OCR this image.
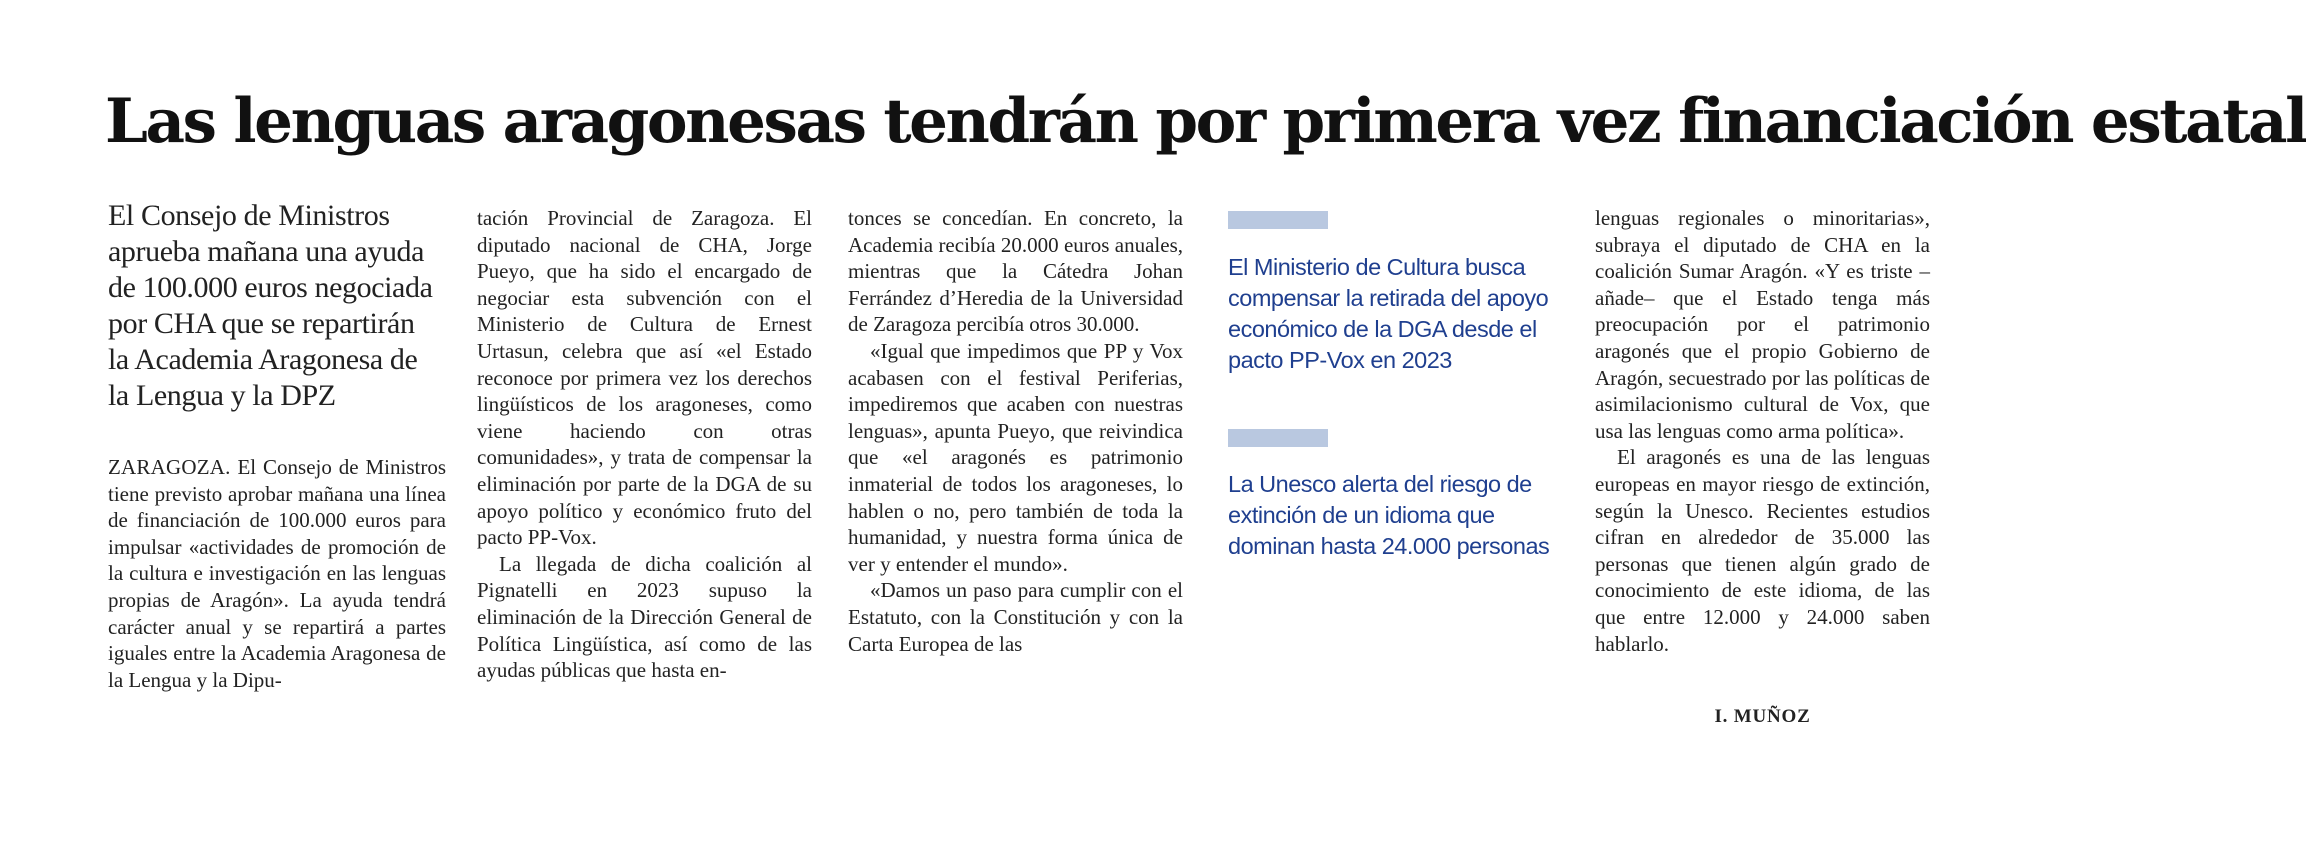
Las lenguas aragonesas tendrán por primera vez financiación estatal

El Consejo de Ministros aprueba mañana una ayuda de 100.000 euros negociada por CHA que se repartirán la Academia Aragonesa de la Lengua y la DPZ

ZARAGOZA. El Consejo de Ministros tiene previsto aprobar mañana una línea de financiación de 100.000 euros para impulsar «actividades de promoción de la cultura e investigación en las lenguas propias de Aragón». La ayuda tendrá carácter anual y se repartirá a partes iguales entre la Academia Aragonesa de la Lengua y la Dipu-

tación Provincial de Zaragoza. El diputado nacional de CHA, Jorge Pueyo, que ha sido el encargado de negociar esta subvención con el Ministerio de Cultura de Ernest Urtasun, celebra que así «el Estado reconoce por primera vez los derechos lingüísticos de los aragoneses, como viene haciendo con otras comunidades», y trata de compensar la eliminación por parte de la DGA de su apoyo político y económico fruto del pacto PP-Vox.

La llegada de dicha coalición al Pignatelli en 2023 supuso la eliminación de la Dirección General de Política Lingüística, así como de las ayudas públicas que hasta en-

tonces se concedían. En concreto, la Academia recibía 20.000 euros anuales, mientras que la Cátedra Johan Ferrández d’Heredia de la Universidad de Zaragoza percibía otros 30.000.

«Igual que impedimos que PP y Vox acabasen con el festival Periferias, impediremos que acaben con nuestras lenguas», apunta Pueyo, que reivindica que «el aragonés es patrimonio inmaterial de todos los aragoneses, lo hablen o no, pero también de toda la humanidad, y nuestra forma única de ver y entender el mundo».

«Damos un paso para cumplir con el Estatuto, con la Constitución y con la Carta Europea de las

El Ministerio de Cultura busca compensar la retirada del apoyo económico de la DGA desde el pacto PP-Vox en 2023

La Unesco alerta del riesgo de extinción de un idioma que dominan hasta 24.000 personas

lenguas regionales o minoritarias», subraya el diputado de CHA en la coalición Sumar Aragón. «Y es triste –añade– que el Estado tenga más preocupación por el patrimonio aragonés que el propio Gobierno de Aragón, secuestrado por las políticas de asimilacionismo cultural de Vox, que usa las lenguas como arma política».

El aragonés es una de las lenguas europeas en mayor riesgo de extinción, según la Unesco. Recientes estudios cifran en alrededor de 35.000 las personas que tienen algún grado de conocimiento de este idioma, de las que entre 12.000 y 24.000 saben hablarlo.

I. MUÑOZ
